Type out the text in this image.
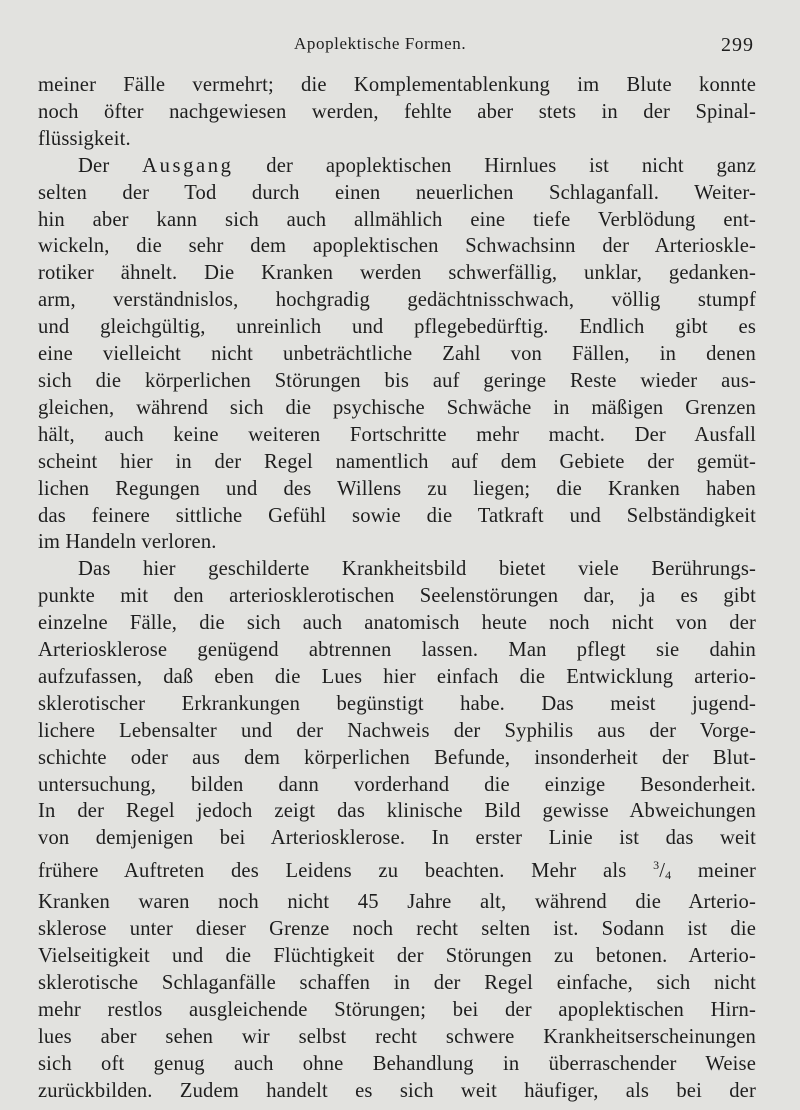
Apoplektische Formen.	299
meiner Fälle vermehrt; die Komplementablenkung im Blute konnte
noch öfter nachgewiesen werden, fehlte aber stets in der Spinal-
flüssigkeit.
Der Ausgang der apoplektischen Hirnlues ist nicht ganz
selten der Tod durch einen neuerlichen Schlaganfall. Weiter-
hin aber kann sich auch allmählich eine tiefe Verblödung ent-
wickeln, die sehr dem apoplektischen Schwachsinn der Arterioskle-
rotiker ähnelt. Die Kranken werden schwerfällig, unklar, gedanken-
arm, verständnislos, hochgradig gedächtnisschwach, völlig stumpf
und gleichgültig, unreinlich und pflegebedürftig. Endlich gibt es
eine vielleicht nicht unbeträchtliche Zahl von Fällen, in denen
sich die körperlichen Störungen bis auf geringe Reste wieder aus-
gleichen, während sich die psychische Schwäche in mäßigen Grenzen
hält, auch keine weiteren Fortschritte mehr macht. Der Ausfall
scheint hier in der Regel namentlich auf dem Gebiete der gemüt-
lichen Regungen und des Willens zu liegen; die Kranken haben
das feinere sittliche Gefühl sowie die Tatkraft und Selbständigkeit
im Handeln verloren.
Das hier geschilderte Krankheitsbild bietet viele Berührungs-
punkte mit den arteriosklerotischen Seelenstörungen dar, ja es gibt
einzelne Fälle, die sich auch anatomisch heute noch nicht von der
Arteriosklerose genügend abtrennen lassen. Man pflegt sie dahin
aufzufassen, daß eben die Lues hier einfach die Entwicklung arterio-
sklerotischer Erkrankungen begünstigt habe. Das meist jugend-
lichere Lebensalter und der Nachweis der Syphilis aus der Vorge-
schichte oder aus dem körperlichen Befunde, insonderheit der Blut-
untersuchung, bilden dann vorderhand die einzige Besonderheit.
In der Regel jedoch zeigt das klinische Bild gewisse Abweichungen
von demjenigen bei Arteriosklerose. In erster Linie ist das weit
frühere Auftreten des Leidens zu beachten. Mehr als $^3/_4$ meiner
Kranken waren noch nicht 45 Jahre alt, während die Arterio-
sklerose unter dieser Grenze noch recht selten ist. Sodann ist die
Vielseitigkeit und die Flüchtigkeit der Störungen zu betonen. Arterio-
sklerotische Schlaganfälle schaffen in der Regel einfache, sich nicht
mehr restlos ausgleichende Störungen; bei der apoplektischen Hirn-
lues aber sehen wir selbst recht schwere Krankheitserscheinungen
sich oft genug auch ohne Behandlung in überraschender Weise
zurückbilden. Zudem handelt es sich weit häufiger, als bei der
